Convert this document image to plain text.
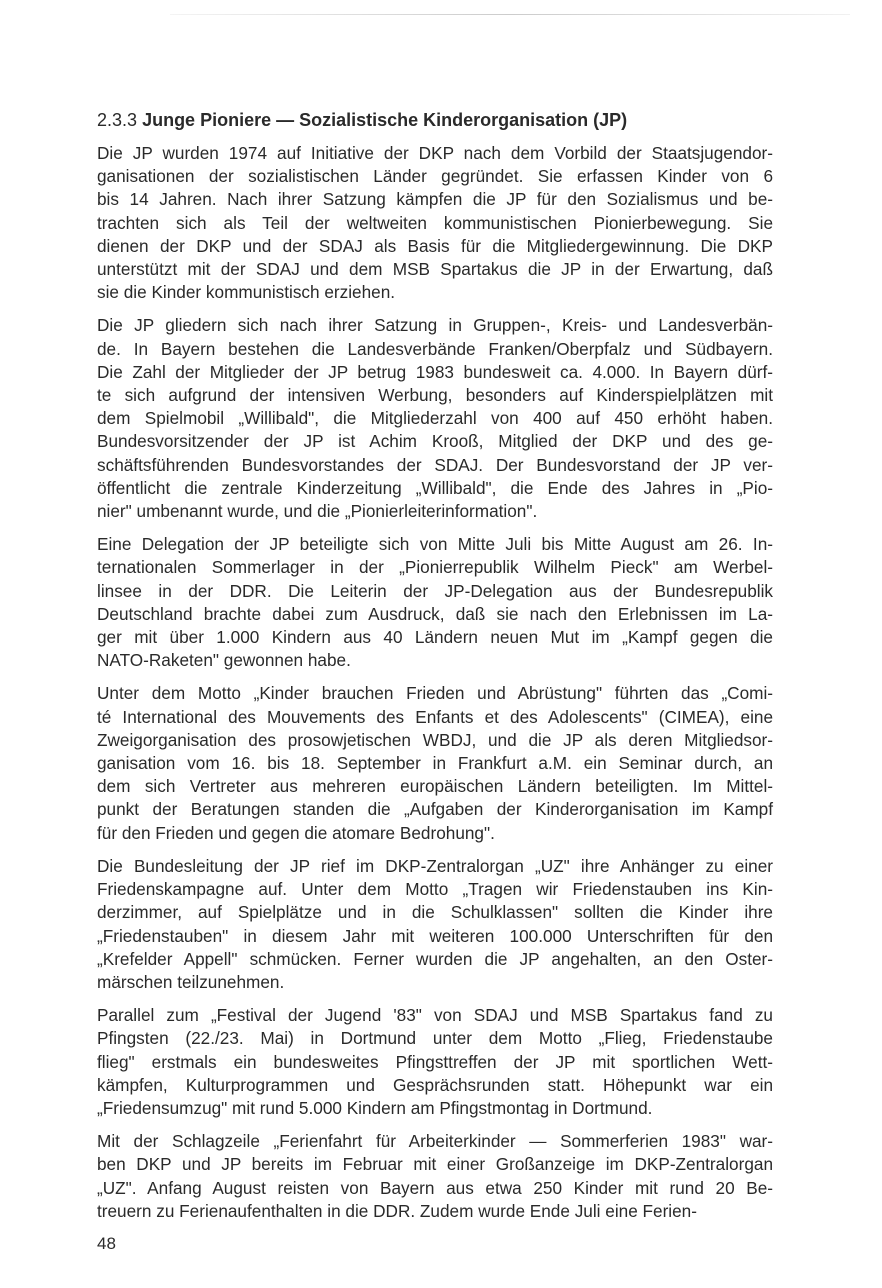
2.3.3 Junge Pioniere — Sozialistische Kinderorganisation (JP)
Die JP wurden 1974 auf Initiative der DKP nach dem Vorbild der Staatsjugendor-
ganisationen der sozialistischen Länder gegründet. Sie erfassen Kinder von 6
bis 14 Jahren. Nach ihrer Satzung kämpfen die JP für den Sozialismus und be-
trachten sich als Teil der weltweiten kommunistischen Pionierbewegung. Sie
dienen der DKP und der SDAJ als Basis für die Mitgliedergewinnung. Die DKP
unterstützt mit der SDAJ und dem MSB Spartakus die JP in der Erwartung, daß
sie die Kinder kommunistisch erziehen.
Die JP gliedern sich nach ihrer Satzung in Gruppen-, Kreis- und Landesverbän-
de. In Bayern bestehen die Landesverbände Franken/Oberpfalz und Südbayern.
Die Zahl der Mitglieder der JP betrug 1983 bundesweit ca. 4.000. In Bayern dürf-
te sich aufgrund der intensiven Werbung, besonders auf Kinderspielplätzen mit
dem Spielmobil „Willibald", die Mitgliederzahl von 400 auf 450 erhöht haben.
Bundesvorsitzender der JP ist Achim Krooß, Mitglied der DKP und des ge-
schäftsführenden Bundesvorstandes der SDAJ. Der Bundesvorstand der JP ver-
öffentlicht die zentrale Kinderzeitung „Willibald", die Ende des Jahres in „Pio-
nier" umbenannt wurde, und die „Pionierleiterinformation".
Eine Delegation der JP beteiligte sich von Mitte Juli bis Mitte August am 26. In-
ternationalen Sommerlager in der „Pionierrepublik Wilhelm Pieck" am Werbel-
linsee in der DDR. Die Leiterin der JP-Delegation aus der Bundesrepublik
Deutschland brachte dabei zum Ausdruck, daß sie nach den Erlebnissen im La-
ger mit über 1.000 Kindern aus 40 Ländern neuen Mut im „Kampf gegen die
NATO-Raketen" gewonnen habe.
Unter dem Motto „Kinder brauchen Frieden und Abrüstung" führten das „Comi-
té International des Mouvements des Enfants et des Adolescents" (CIMEA), eine
Zweigorganisation des prosowjetischen WBDJ, und die JP als deren Mitgliedsor-
ganisation vom 16. bis 18. September in Frankfurt a.M. ein Seminar durch, an
dem sich Vertreter aus mehreren europäischen Ländern beteiligten. Im Mittel-
punkt der Beratungen standen die „Aufgaben der Kinderorganisation im Kampf
für den Frieden und gegen die atomare Bedrohung".
Die Bundesleitung der JP rief im DKP-Zentralorgan „UZ" ihre Anhänger zu einer
Friedenskampagne auf. Unter dem Motto „Tragen wir Friedenstauben ins Kin-
derzimmer, auf Spielplätze und in die Schulklassen" sollten die Kinder ihre
„Friedenstauben" in diesem Jahr mit weiteren 100.000 Unterschriften für den
„Krefelder Appell" schmücken. Ferner wurden die JP angehalten, an den Oster-
märschen teilzunehmen.
Parallel zum „Festival der Jugend '83" von SDAJ und MSB Spartakus fand zu
Pfingsten (22./23. Mai) in Dortmund unter dem Motto „Flieg, Friedenstaube
flieg" erstmals ein bundesweites Pfingsttreffen der JP mit sportlichen Wett-
kämpfen, Kulturprogrammen und Gesprächsrunden statt. Höhepunkt war ein
„Friedensumzug" mit rund 5.000 Kindern am Pfingstmontag in Dortmund.
Mit der Schlagzeile „Ferienfahrt für Arbeiterkinder — Sommerferien 1983" war-
ben DKP und JP bereits im Februar mit einer Großanzeige im DKP-Zentralorgan
„UZ". Anfang August reisten von Bayern aus etwa 250 Kinder mit rund 20 Be-
treuern zu Ferienaufenthalten in die DDR. Zudem wurde Ende Juli eine Ferien-
48
